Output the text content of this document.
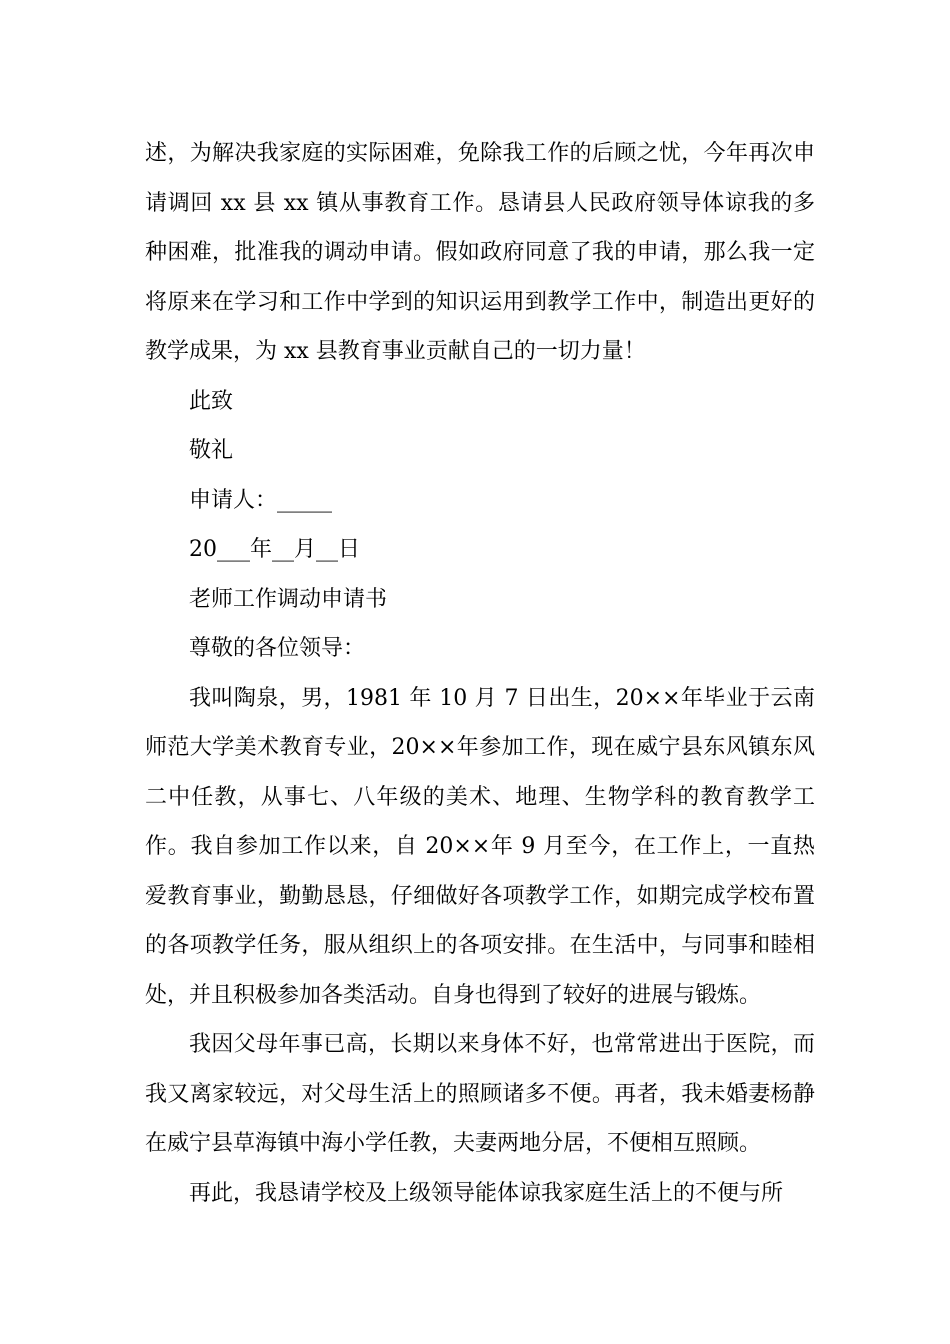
述，为解决我家庭的实际困难，免除我工作的后顾之忧，今年再次申请调回 xx 县 xx 镇从事教育工作。恳请县人民政府领导体谅我的多种困难，批准我的调动申请。假如政府同意了我的申请，那么我一定将原来在学习和工作中学到的知识运用到教学工作中，制造出更好的教学成果，为 xx 县教育事业贡献自己的一切力量！

此致

敬礼

申请人：_____

20___年__月__日

老师工作调动申请书

尊敬的各位领导：

我叫陶泉，男，1981 年 10 月 7 日出生，20××年毕业于云南师范大学美术教育专业，20××年参加工作，现在威宁县东风镇东风二中任教，从事七、八年级的美术、地理、生物学科的教育教学工作。我自参加工作以来，自 20××年 9 月至今，在工作上，一直热爱教育事业，勤勤恳恳，仔细做好各项教学工作，如期完成学校布置的各项教学任务，服从组织上的各项安排。在生活中，与同事和睦相处，并且积极参加各类活动。自身也得到了较好的进展与锻炼。

我因父母年事已高，长期以来身体不好，也常常进出于医院，而我又离家较远，对父母生活上的照顾诸多不便。再者，我未婚妻杨静在威宁县草海镇中海小学任教，夫妻两地分居，不便相互照顾。

再此，我恳请学校及上级领导能体谅我家庭生活上的不便与所
